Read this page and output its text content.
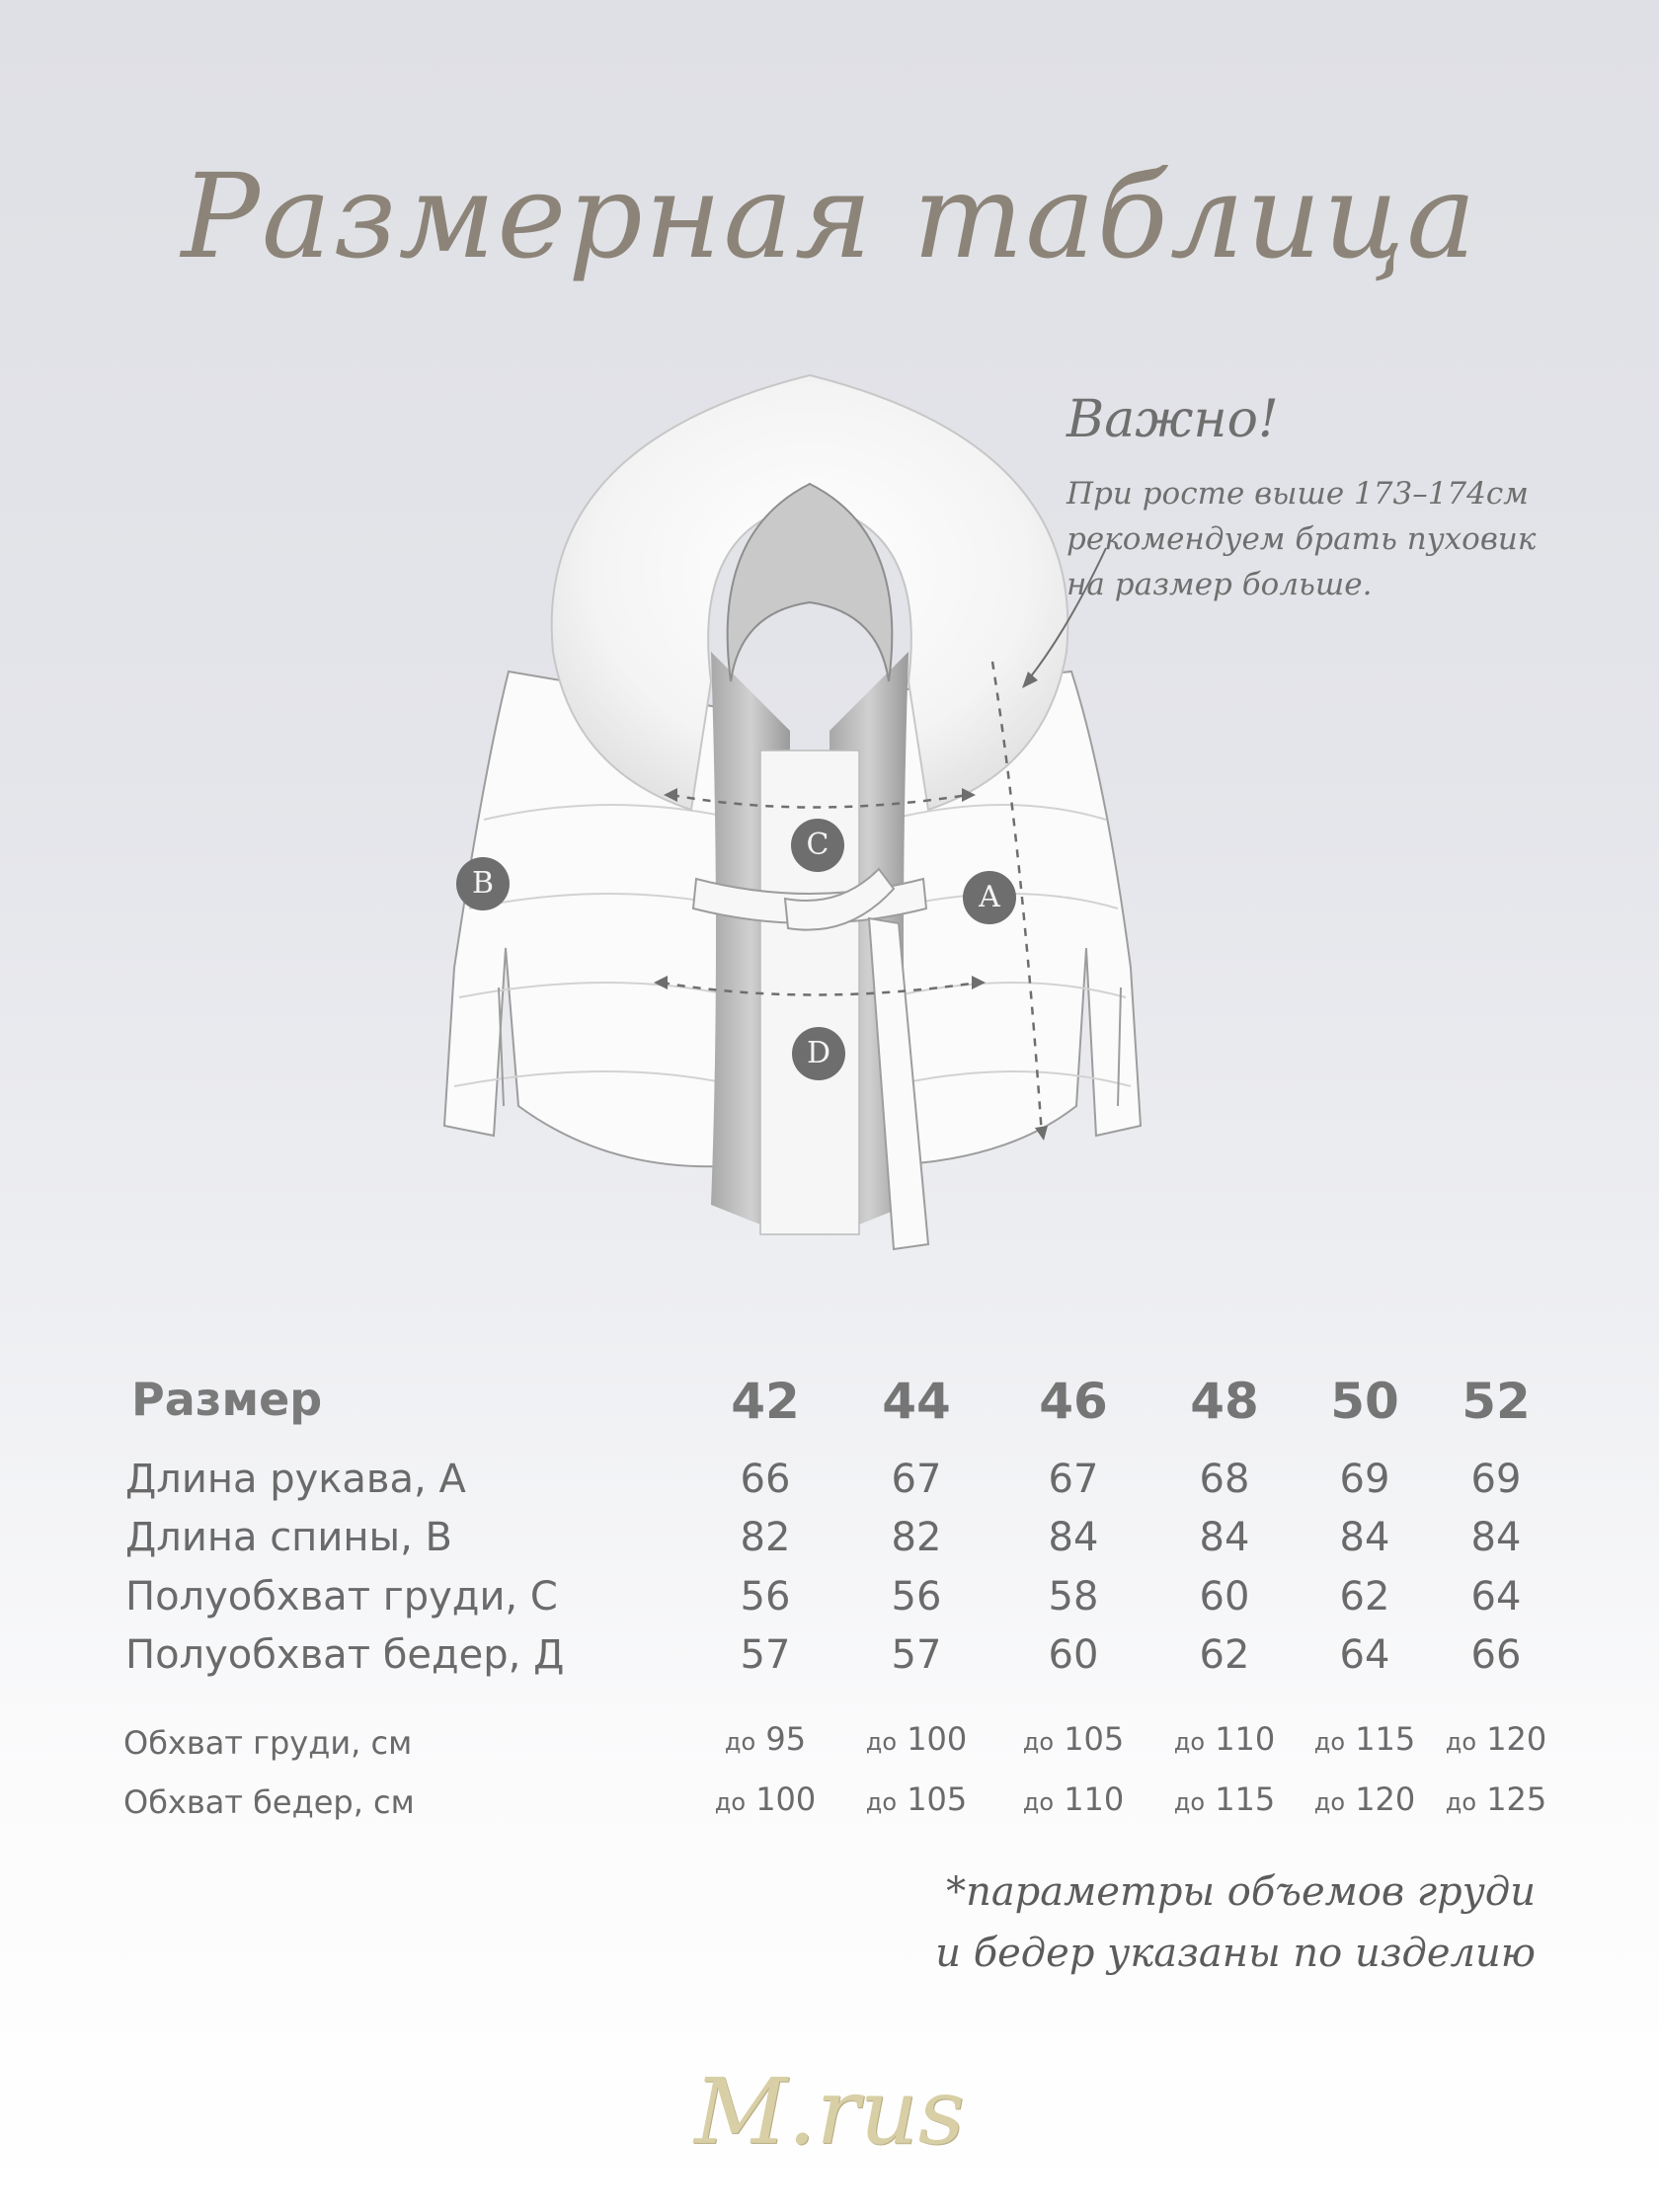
Размерная таблица
B	A
C
D
Важно!
При росте выше 173–174см рекомендуем брать пуховик на размер больше.
Размер	42	44	46	48	50	52
Длина рукава, А	66	67	67	68	69	69
Длина спины, В	82	82	84	84	84	84
Полуобхват груди, С	56	56	58	60	62	64
Полуобхват бедер, Д	57	57	60	62	64	66
Обхват груди, см	до 95	до 100	до 105	до 110	до 115	до 120
Обхват бедер, см	до 100	до 105	до 110	до 115	до 120	до 125
*параметры объемов груди
и бедер указаны по изделию
M.rus
